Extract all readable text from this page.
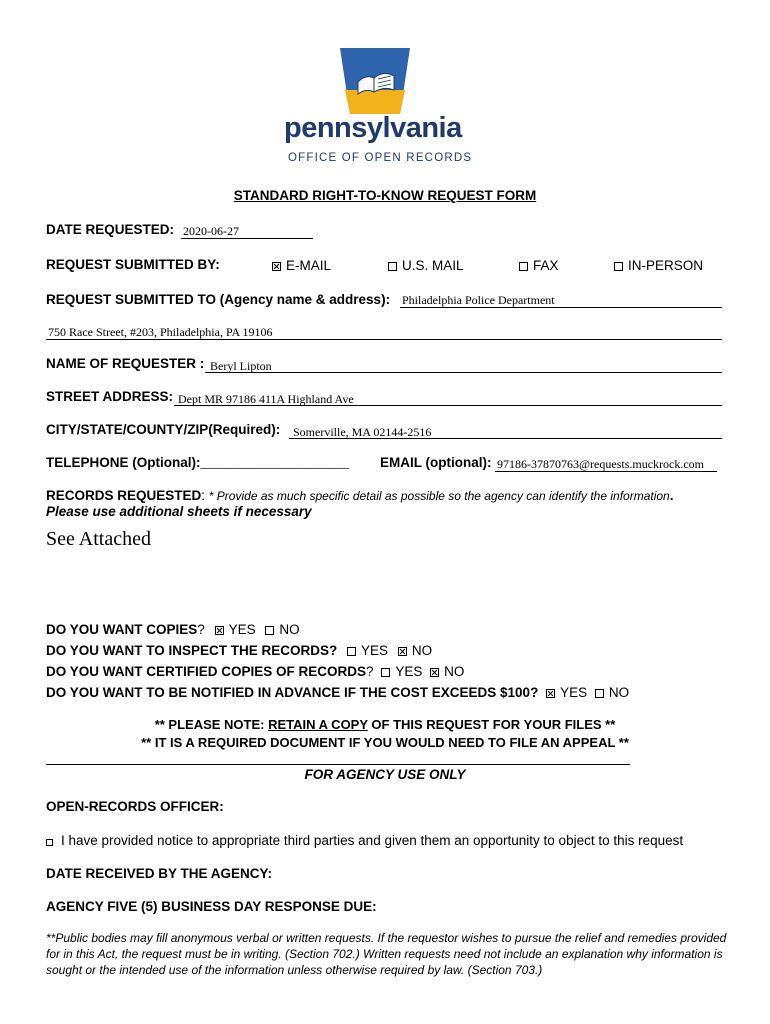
pennsylvania
OFFICE OF OPEN RECORDS
STANDARD RIGHT-TO-KNOW REQUEST FORM
DATE REQUESTED: 2020-06-27
REQUEST SUBMITTED BY:	E-MAIL	U.S. MAIL	FAX	IN-PERSON
REQUEST SUBMITTED TO (Agency name & address): Philadelphia Police Department
750 Race Street, #203, Philadelphia, PA 19106
NAME OF REQUESTER : Beryl Lipton
STREET ADDRESS: Dept MR 97186 411A Highland Ave
CITY/STATE/COUNTY/ZIP(Required): Somerville, MA 02144-2516
TELEPHONE (Optional):______________________ EMAIL (optional): 97186-37870763@requests.muckrock.com
RECORDS REQUESTED: * Provide as much specific detail as possible so the agency can identify the information.
Please use additional sheets if necessary
See Attached
DO YOU WANT COPIES? YES NO
DO YOU WANT TO INSPECT THE RECORDS? YES NO
DO YOU WANT CERTIFIED COPIES OF RECORDS? YES NO
DO YOU WANT TO BE NOTIFIED IN ADVANCE IF THE COST EXCEEDS $100? YES NO
** PLEASE NOTE: RETAIN A COPY OF THIS REQUEST FOR YOUR FILES **
** IT IS A REQUIRED DOCUMENT IF YOU WOULD NEED TO FILE AN APPEAL **
FOR AGENCY USE ONLY
OPEN-RECORDS OFFICER:
I have provided notice to appropriate third parties and given them an opportunity to object to this request
DATE RECEIVED BY THE AGENCY:
AGENCY FIVE (5) BUSINESS DAY RESPONSE DUE:
**Public bodies may fill anonymous verbal or written requests. If the requestor wishes to pursue the relief and remedies provided for in this Act, the request must be in writing. (Section 702.) Written requests need not include an explanation why information is sought or the intended use of the information unless otherwise required by law. (Section 703.)
